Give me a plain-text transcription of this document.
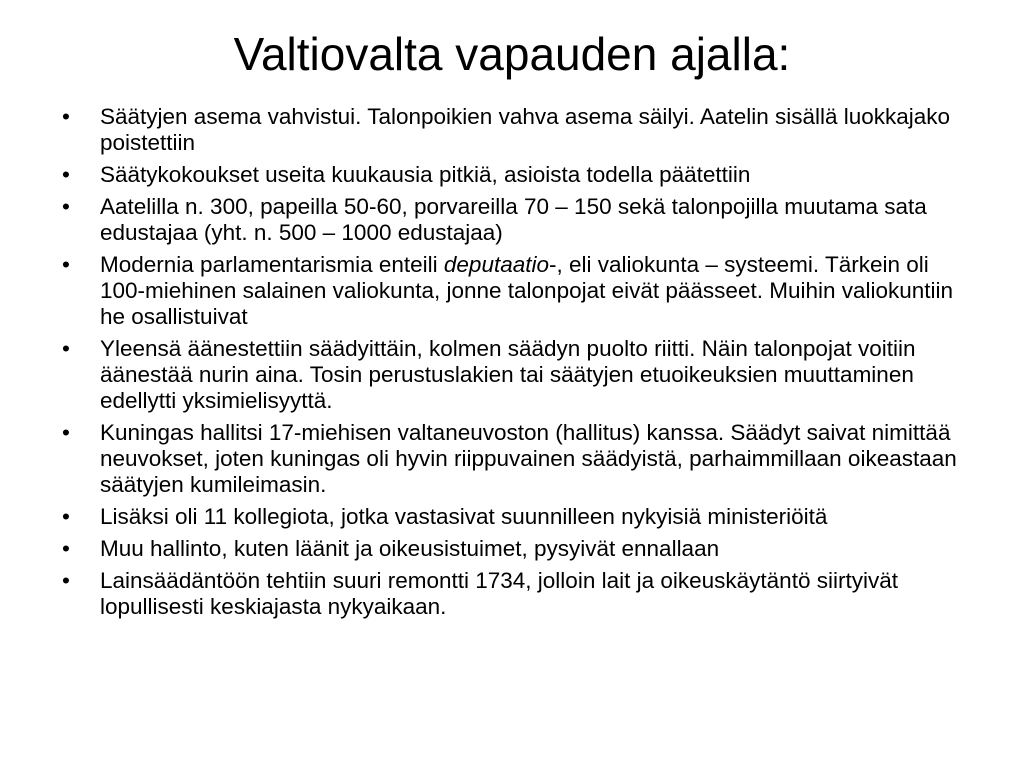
Valtiovalta vapauden ajalla:
•	Säätyjen asema vahvistui. Talonpoikien vahva asema säilyi. Aatelin sisällä luokkajako poistettiin
•	Säätykokoukset useita kuukausia pitkiä, asioista todella päätettiin
•	Aatelilla n. 300, papeilla 50-60, porvareilla 70 – 150 sekä talonpojilla muutama sata edustajaa (yht. n. 500 – 1000 edustajaa)
•	Modernia parlamentarismia enteili deputaatio-, eli valiokunta – systeemi. Tärkein oli 100-miehinen salainen valiokunta, jonne talonpojat eivät päässeet. Muihin valiokuntiin he osallistuivat
•	Yleensä äänestettiin säädyittäin, kolmen säädyn puolto riitti. Näin talonpojat voitiin äänestää nurin aina. Tosin perustuslakien tai säätyjen etuoikeuksien muuttaminen edellytti yksimielisyyttä.
•	Kuningas hallitsi 17-miehisen valtaneuvoston (hallitus) kanssa. Säädyt saivat nimittää neuvokset, joten kuningas oli hyvin riippuvainen säädyistä, parhaimmillaan oikeastaan säätyjen kumileimasin.
•	Lisäksi oli 11 kollegiota, jotka vastasivat suunnilleen nykyisiä ministeriöitä
•	Muu hallinto, kuten läänit ja oikeusistuimet, pysyivät ennallaan
•	Lainsäädäntöön tehtiin suuri remontti 1734, jolloin lait ja oikeuskäytäntö siirtyivät lopullisesti keskiajasta nykyaikaan.
